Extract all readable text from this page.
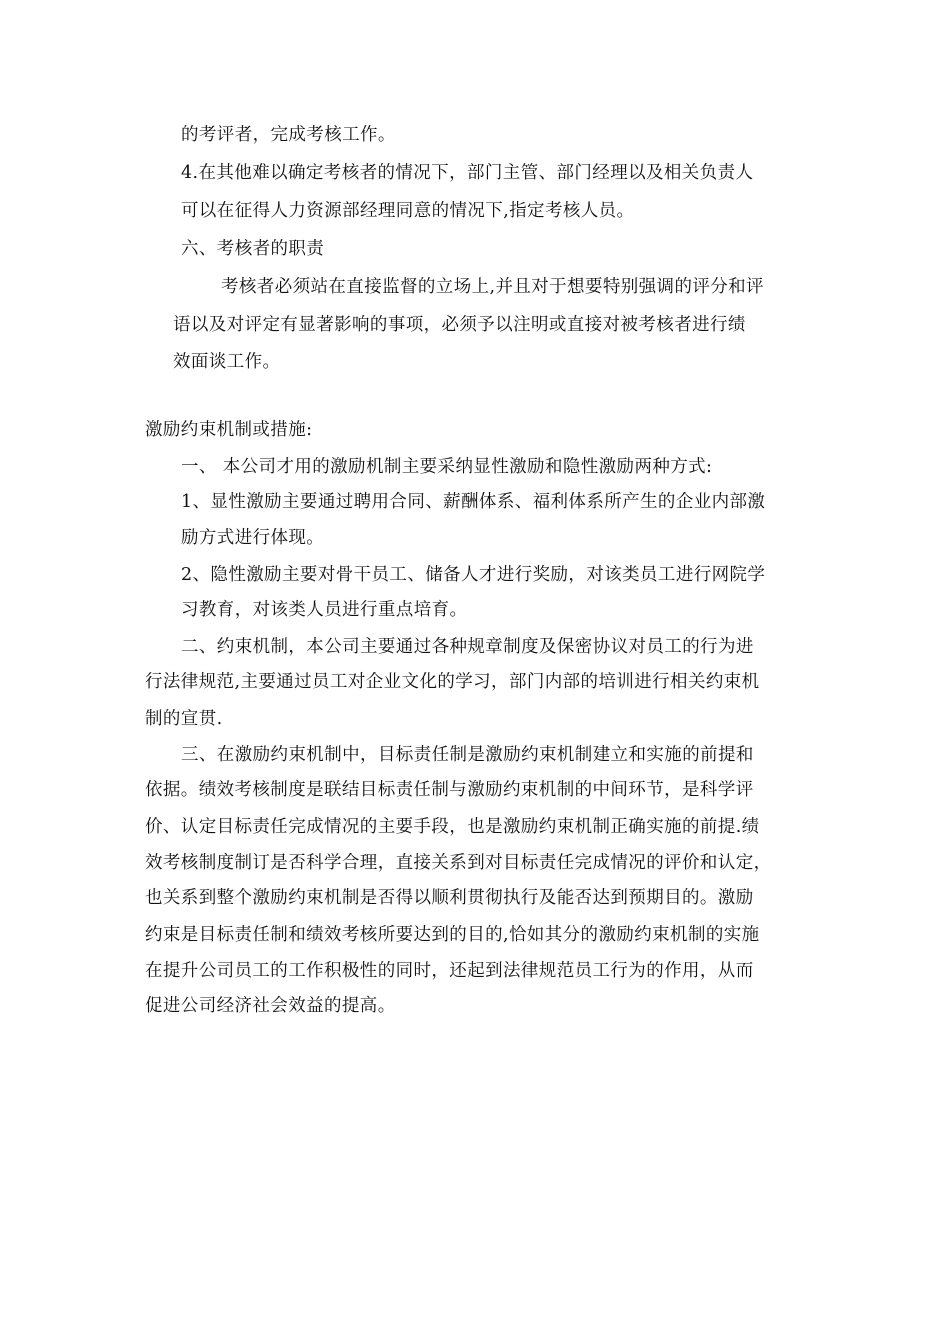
的考评者，完成考核工作。
4.在其他难以确定考核者的情况下，部门主管、部门经理以及相关负责人
可以在征得人力资源部经理同意的情况下,指定考核人员。
六、考核者的职责
考核者必须站在直接监督的立场上,并且对于想要特别强调的评分和评
语以及对评定有显著影响的事项，必须予以注明或直接对被考核者进行绩
效面谈工作。
激励约束机制或措施:
一、 本公司才用的激励机制主要采纳显性激励和隐性激励两种方式:
1、显性激励主要通过聘用合同、薪酬体系、福利体系所产生的企业内部激
励方式进行体现。
2、隐性激励主要对骨干员工、储备人才进行奖励，对该类员工进行网院学
习教育，对该类人员进行重点培育。
二、约束机制，本公司主要通过各种规章制度及保密协议对员工的行为进
行法律规范,主要通过员工对企业文化的学习，部门内部的培训进行相关约束机
制的宣贯.
三、在激励约束机制中，目标责任制是激励约束机制建立和实施的前提和
依据。绩效考核制度是联结目标责任制与激励约束机制的中间环节，是科学评
价、认定目标责任完成情况的主要手段，也是激励约束机制正确实施的前提.绩
效考核制度制订是否科学合理，直接关系到对目标责任完成情况的评价和认定，
也关系到整个激励约束机制是否得以顺利贯彻执行及能否达到预期目的。激励
约束是目标责任制和绩效考核所要达到的目的,恰如其分的激励约束机制的实施
在提升公司员工的工作积极性的同时，还起到法律规范员工行为的作用，从而
促进公司经济社会效益的提高。
